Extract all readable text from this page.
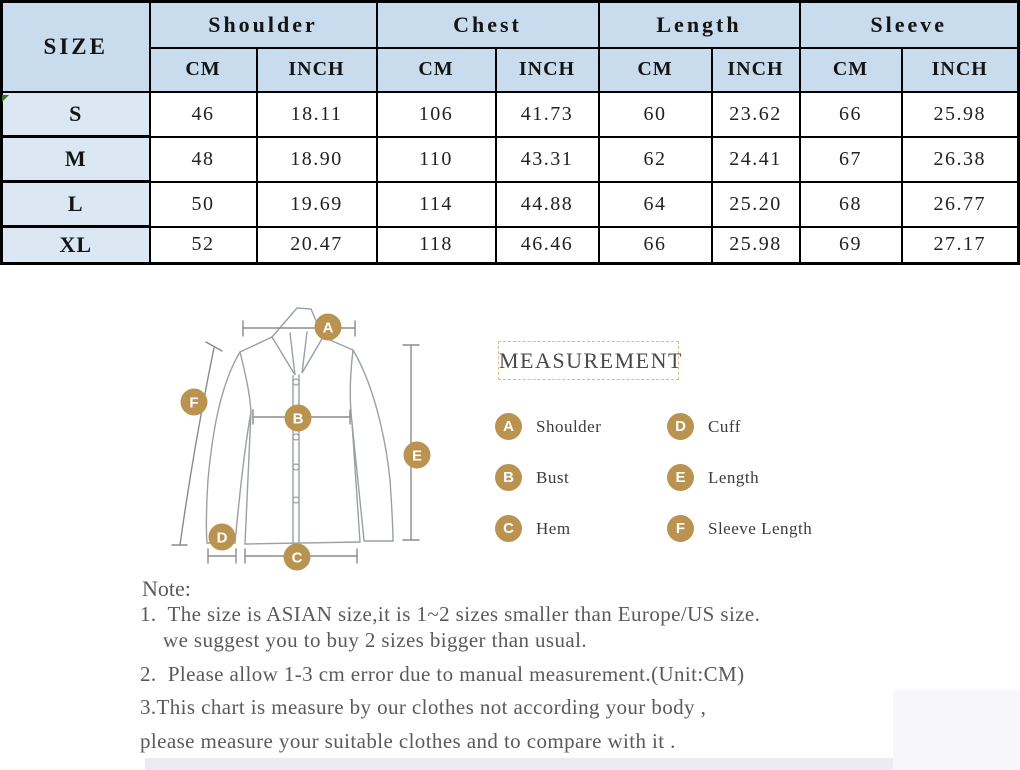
SIZE	Shoulder		Chest		Length		Sleeve	
	CM	INCH	CM	INCH	CM	INCH	CM	INCH
S	46	18.11	106	41.73	60	23.62	66	25.98
M	48	18.90	110	43.31	62	24.41	67	26.38
L	50	19.69	114	44.88	64	25.20	68	26.77
XL	52	20.47	118	46.46	66	25.98	69	27.17
A
B
C
D
E
F
MEASUREMENT
A	Shoulder
B	Bust
C	Hem
D	Cuff
E	Length
F	Sleeve Length
Note:
1.  The size is ASIAN size,it is 1~2 sizes smaller than Europe/US size.
we suggest you to buy 2 sizes bigger than usual.
2.  Please allow 1-3 cm error due to manual measurement.(Unit:CM)
3.This chart is measure by our clothes not according your body ,
please measure your suitable clothes and to compare with it .
